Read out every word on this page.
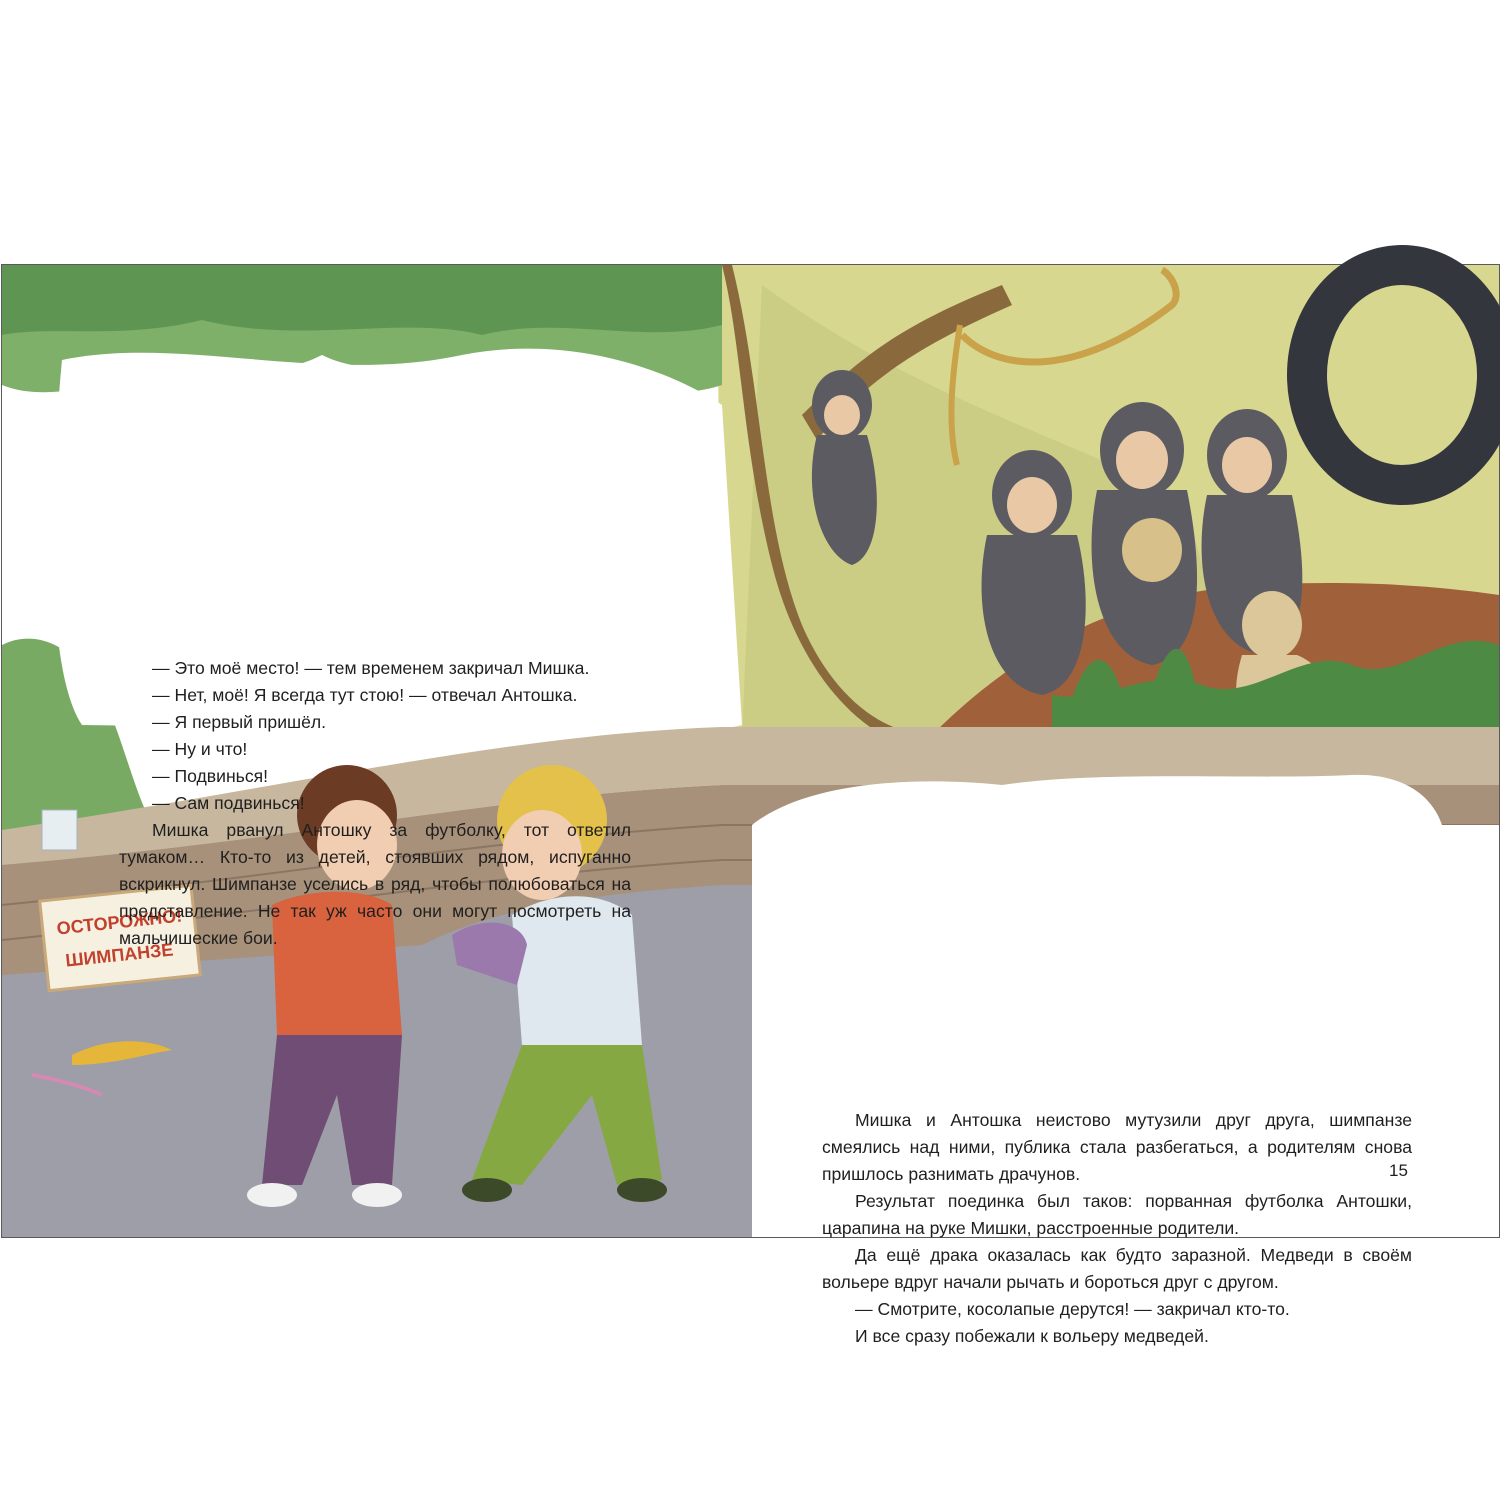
ОСТОРОЖНО!
ШИМПАНЗЕ

— Это моё место! — тем временем закричал Мишка.

— Нет, моё! Я всегда тут стою! — отвечал Антошка.

— Я первый пришёл.

— Ну и что!

— Подвинься!

— Сам подвинься!

Мишка рванул Антошку за футболку, тот ответил тумаком… Кто-то из детей, стоявших рядом, испуганно вскрикнул. Шимпанзе уселись в ряд, чтобы полюбоваться на представление. Не так уж часто они могут посмотреть на мальчишеские бои.

Мишка и Антошка неистово мутузили друг друга, шимпанзе смеялись над ними, публика стала разбегаться, а родителям снова пришлось разнимать драчунов.

Результат поединка был таков: порванная футболка Антошки, царапина на руке Мишки, расстроенные родители.

Да ещё драка оказалась как будто заразной. Медведи в своём вольере вдруг начали рычать и бороться друг с другом.

— Смотрите, косолапые дерутся! — закричал кто-то.

И все сразу побежали к вольеру медведей.

15
